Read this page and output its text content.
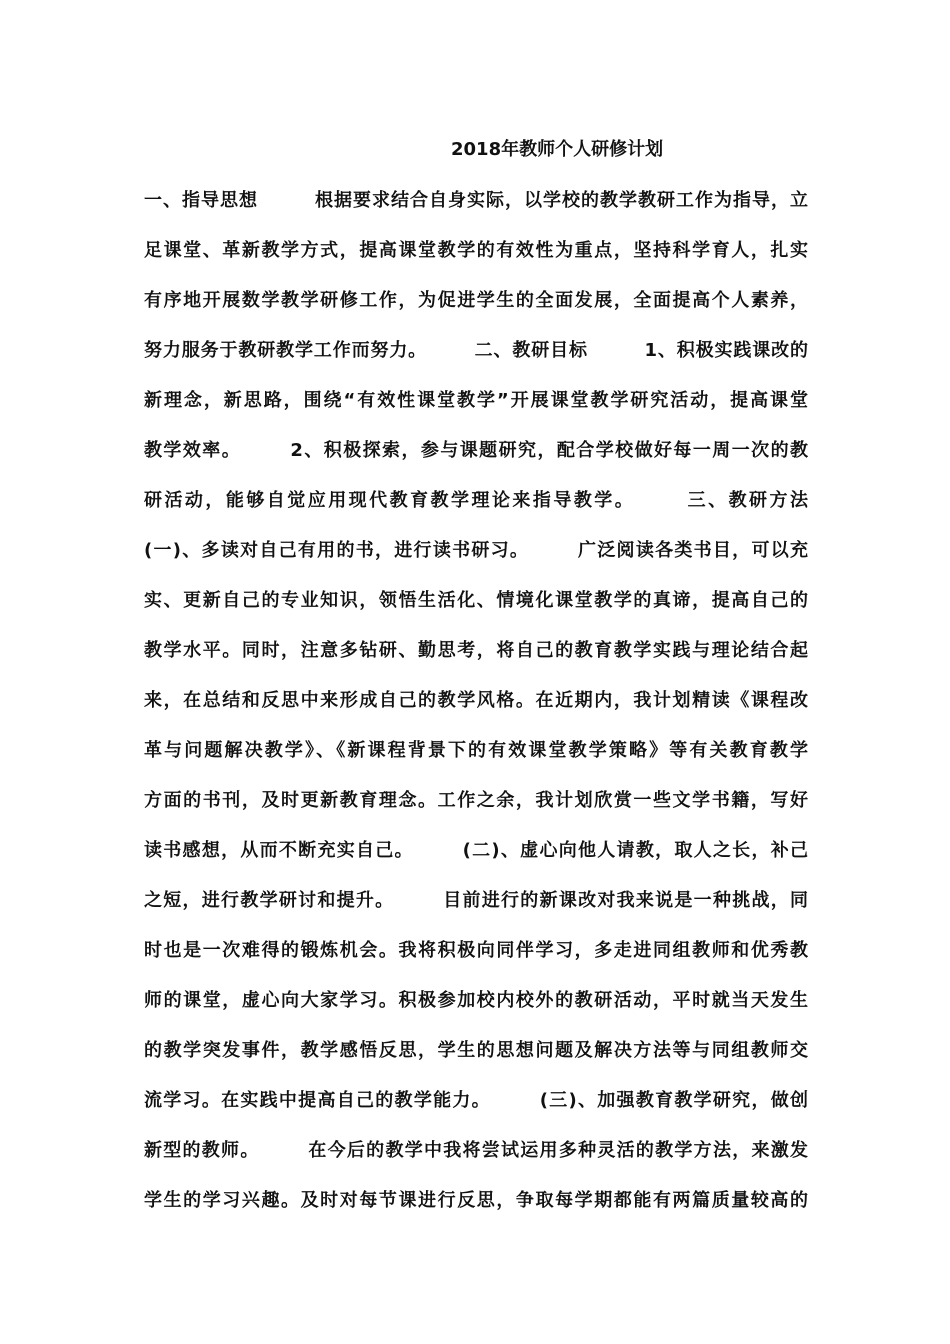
2018年教师个人研修计划
一、指导思想　　　根据要求结合自身实际，以学校的教学教研工作为指导，立
足课堂、革新教学方式，提高课堂教学的有效性为重点，坚持科学育人，扎实
有序地开展数学教学研修工作，为促进学生的全面发展，全面提高个人素养，
努力服务于教研教学工作而努力。　　　二、教研目标　　　1、积极实践课改的
新理念，新思路，围绕“有效性课堂教学”开展课堂教学研究活动，提高课堂
教学效率。　　　2、积极探索，参与课题研究，配合学校做好每一周一次的教
研活动，能够自觉应用现代教育教学理论来指导教学。　　　三、教研方法
(一)、多读对自己有用的书，进行读书研习。　　　广泛阅读各类书目，可以充
实、更新自己的专业知识，领悟生活化、情境化课堂教学的真谛，提高自己的
教学水平。同时，注意多钻研、勤思考，将自己的教育教学实践与理论结合起
来，在总结和反思中来形成自己的教学风格。在近期内，我计划精读《课程改
革与问题解决教学》、《新课程背景下的有效课堂教学策略》等有关教育教学
方面的书刊，及时更新教育理念。工作之余，我计划欣赏一些文学书籍，写好
读书感想，从而不断充实自己。　　　(二)、虚心向他人请教，取人之长，补己
之短，进行教学研讨和提升。　　　目前进行的新课改对我来说是一种挑战，同
时也是一次难得的锻炼机会。我将积极向同伴学习，多走进同组教师和优秀教
师的课堂，虚心向大家学习。积极参加校内校外的教研活动，平时就当天发生
的教学突发事件，教学感悟反思，学生的思想问题及解决方法等与同组教师交
流学习。在实践中提高自己的教学能力。　　　(三)、加强教育教学研究，做创
新型的教师。　　　在今后的教学中我将尝试运用多种灵活的教学方法，来激发
学生的学习兴趣。及时对每节课进行反思，争取每学期都能有两篇质量较高的
